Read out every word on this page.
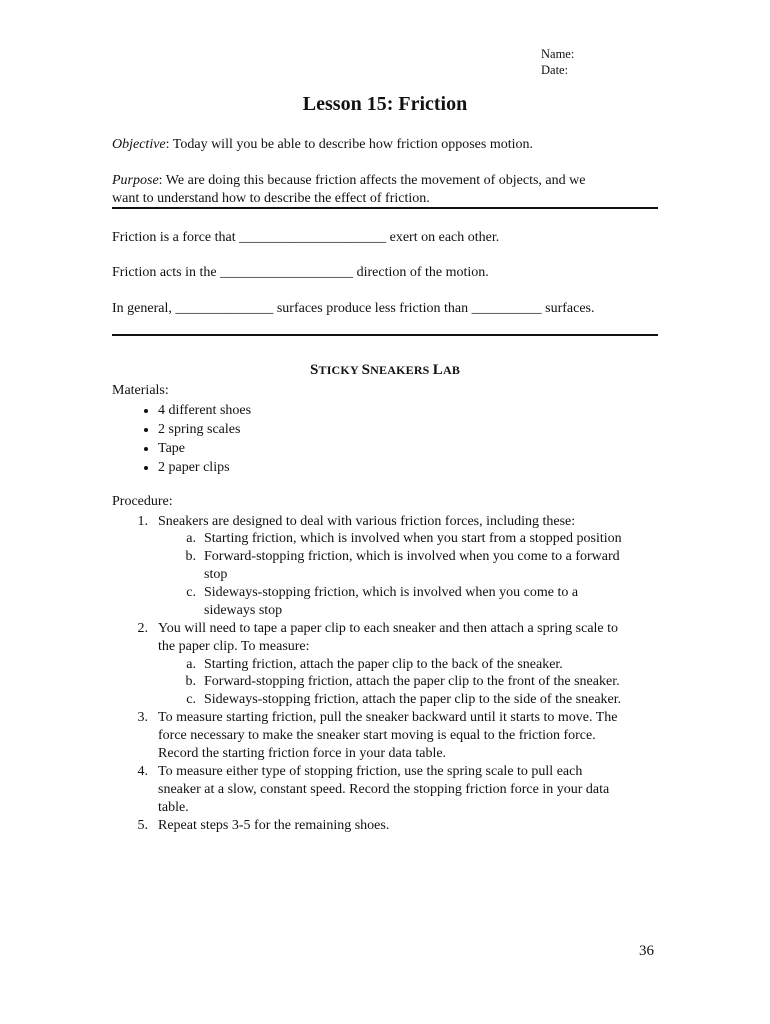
Name:
Date:
Lesson 15: Friction
Objective: Today will you be able to describe how friction opposes motion.
Purpose: We are doing this because friction affects the movement of objects, and we
want to understand how to describe the effect of friction.
Friction is a force that _____________________ exert on each other.
Friction acts in the ___________________ direction of the motion.
In general, ______________ surfaces produce less friction than __________ surfaces.
STICKY SNEAKERS LAB
Materials:
• 4 different shoes
• 2 spring scales
• Tape
• 2 paper clips
Procedure:
1. Sneakers are designed to deal with various friction forces, including these:
a. Starting friction, which is involved when you start from a stopped position
b. Forward-stopping friction, which is involved when you come to a forward
stop
c. Sideways-stopping friction, which is involved when you come to a
sideways stop
2. You will need to tape a paper clip to each sneaker and then attach a spring scale to
the paper clip. To measure:
a. Starting friction, attach the paper clip to the back of the sneaker.
b. Forward-stopping friction, attach the paper clip to the front of the sneaker.
c. Sideways-stopping friction, attach the paper clip to the side of the sneaker.
3. To measure starting friction, pull the sneaker backward until it starts to move. The
force necessary to make the sneaker start moving is equal to the friction force.
Record the starting friction force in your data table.
4. To measure either type of stopping friction, use the spring scale to pull each
sneaker at a slow, constant speed. Record the stopping friction force in your data
table.
5. Repeat steps 3-5 for the remaining shoes.
36
